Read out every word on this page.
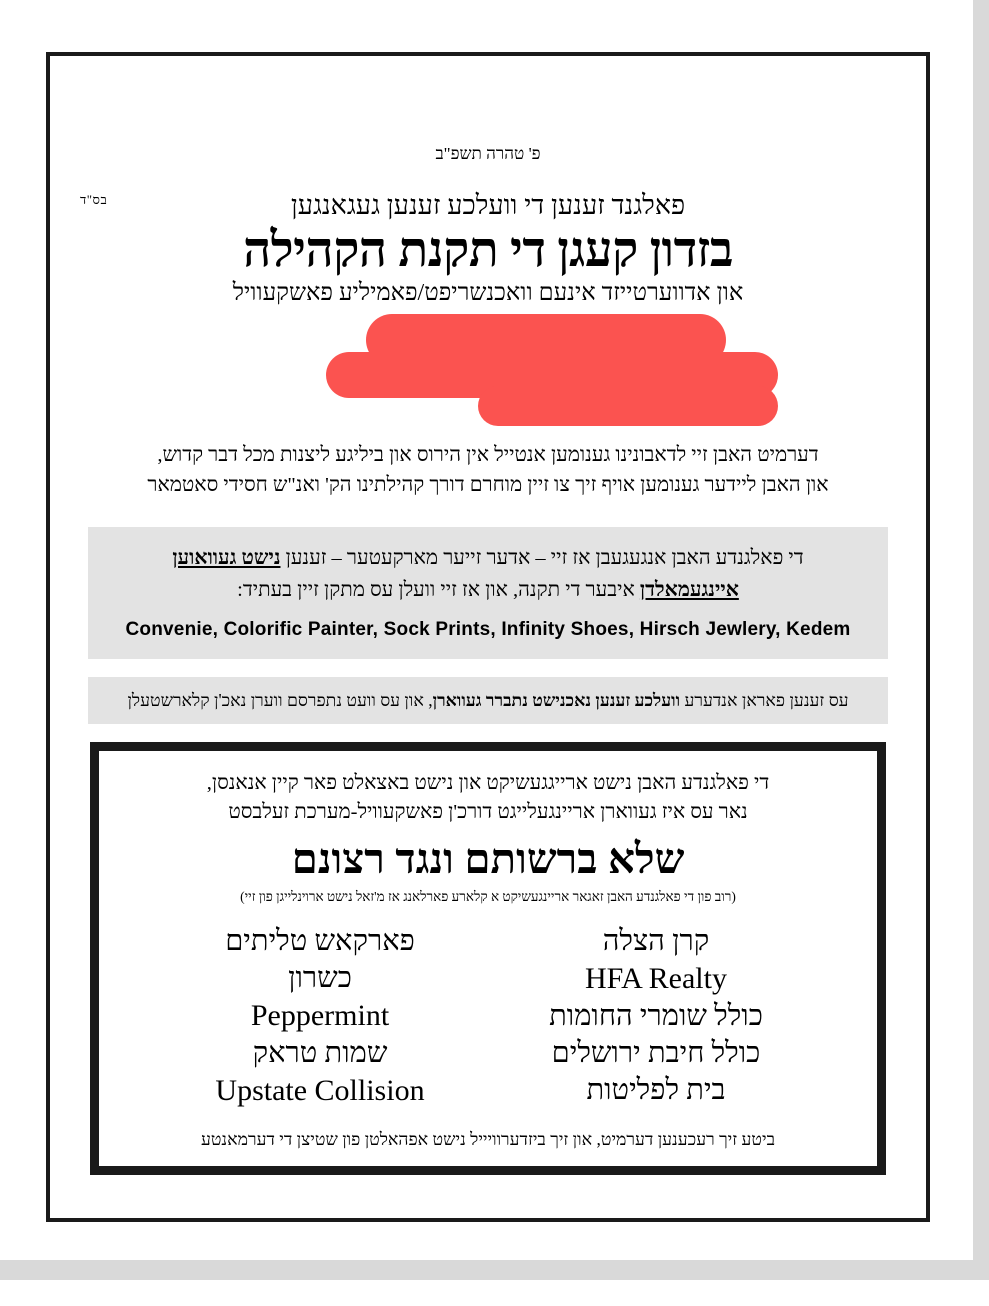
בס"ד
פ' טהרה תשפ"ב
פאלגנד זענען די וועלכע זענען געגאנגען
בזדון קעגן די תקנת הקהילה
און אדווערטייזד אינעם וואכנשריפט/פאמיליע פאשקעוויל
דערמיט האבן זיי לדאבונינו גענומען אנטייל אין הירוס און ביליגע ליצנות מכל דבר קדוש,
און האבן ליידער גענומען אויף זיך צו זיין מוחרם דורך קהילתינו הק' ואנ"ש חסידי סאטמאר
די פאלגנדע האבן אנגעגעבן אז זיי – אדער זייער מארקעטער – זענען נישט געוואוען
איינגעמאלדן איבער די תקנה, און אז זיי וועלן עס מתקן זיין בעתיד:
Convenie, Colorific Painter, Sock Prints, Infinity Shoes, Hirsch Jewlery, Kedem
עס זענען פאראן אנדערע וועלכע זענען נאכנישט נתברר געווארן, און עס וועט נתפרסם ווערן נאכ'ן קלארשטעלן
די פאלגנדע האבן נישט ארייגגעשיקט און נישט באצאלט פאר קיין אנאנסן,
נאר עס איז געווארן אריינגעלייגט דורכ'ן פאשקעוויל-מערכת זעלבסט
שלא ברשותם ונגד רצונם
(רוב פון די פאלגנדע האבן זאגאר אריינגעשיקט א קלארע פארלאנג אז מ'זאל נישט ארוינלייגן פון זיי)
קרן הצלה
HFA Realty
כולל שומרי החומות
כולל חיבת ירושלים
בית לפליטות
פארקאש טליתים
כשרון
Peppermint
שמות טראק
Upstate Collision
ביטע זיך רעכענען דערמיט, און זיך ביזדערוויייל נישט אפהאלטן פון שטיצן די דערמאנטע
